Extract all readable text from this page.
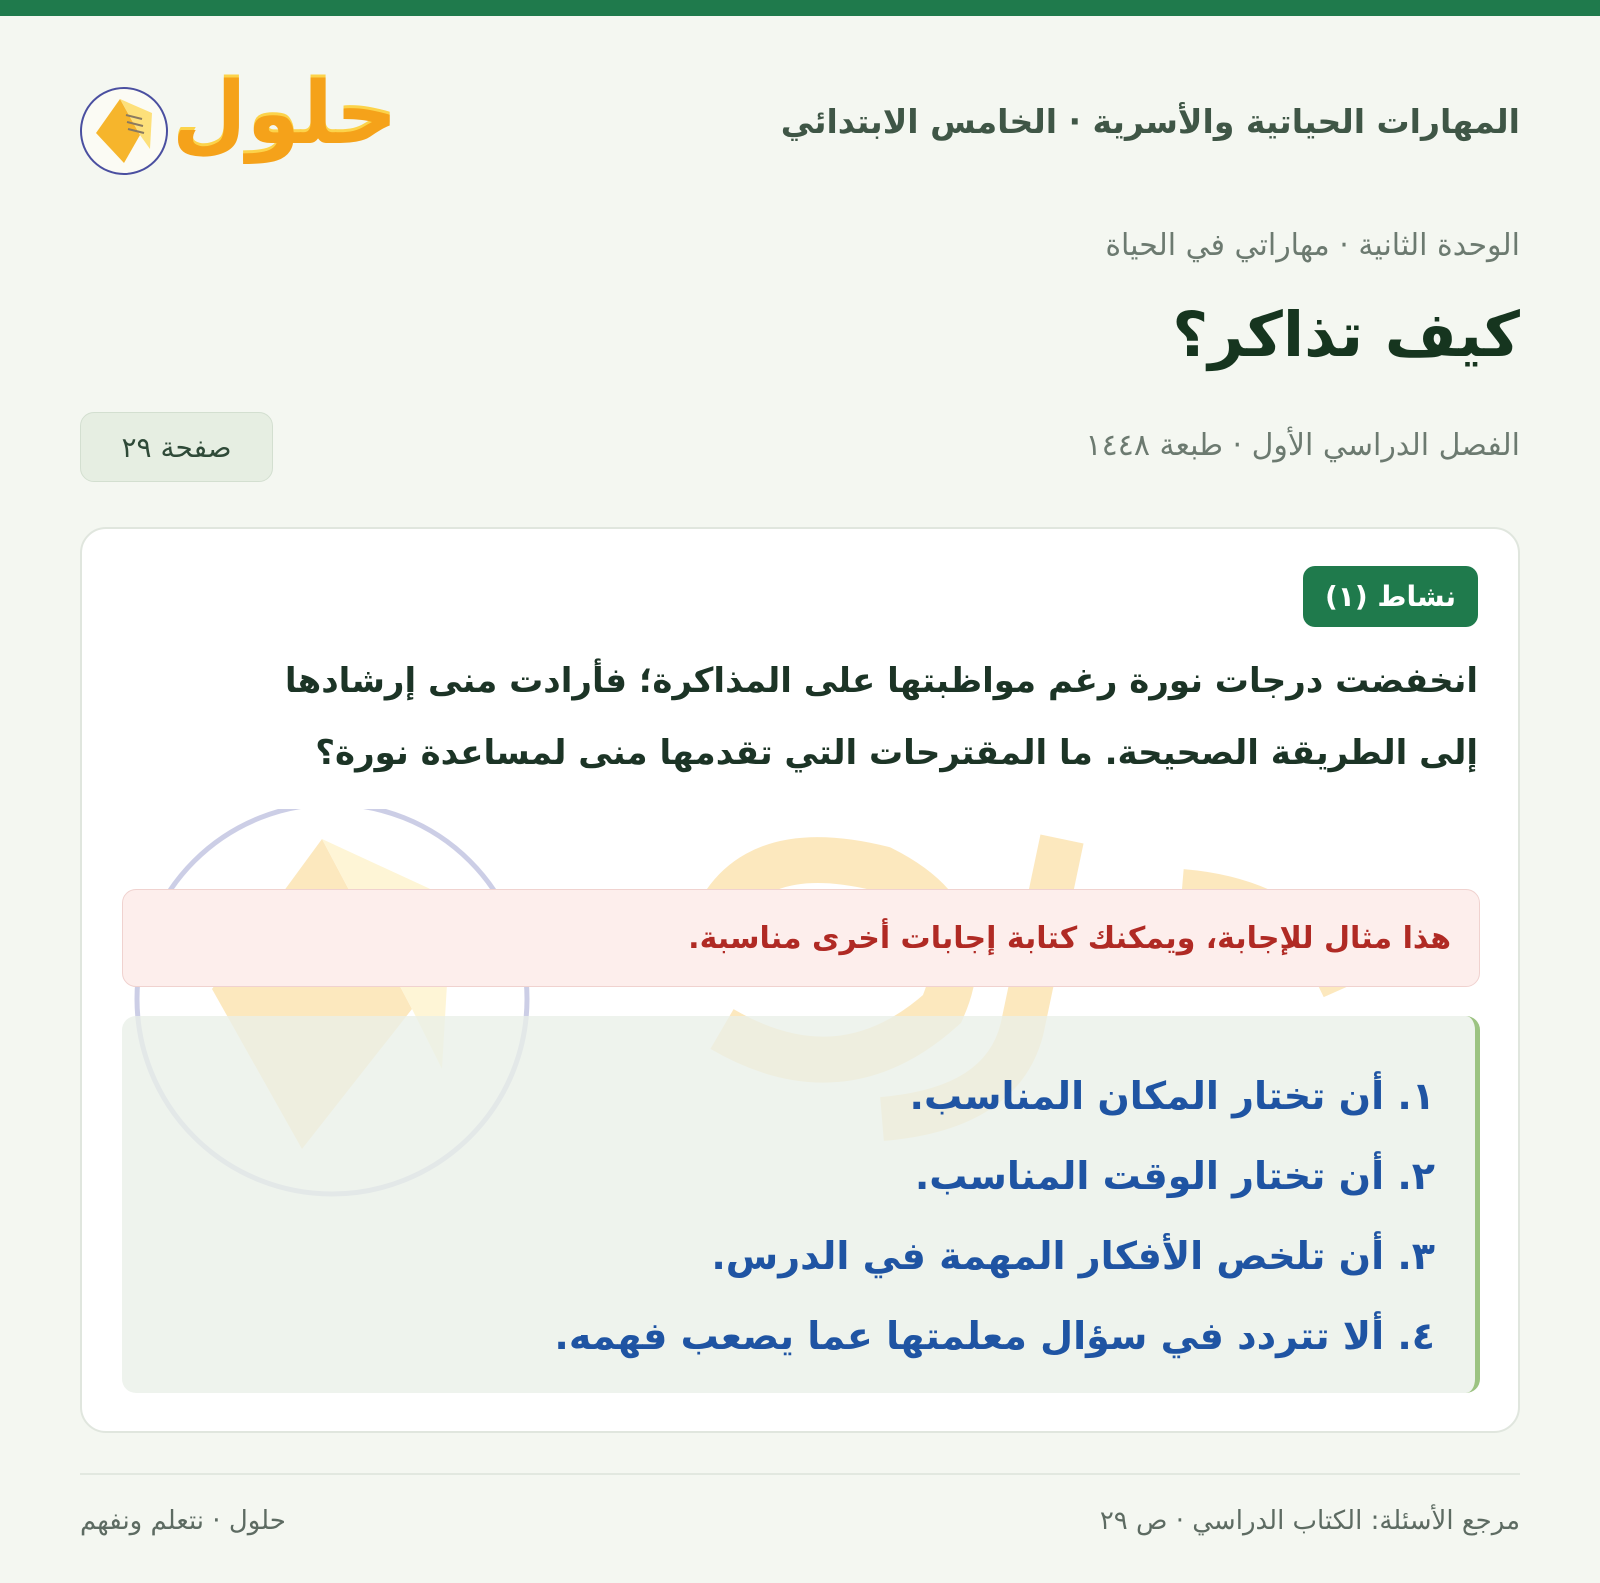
المهارات الحياتية والأسرية · الخامس الابتدائي
حلول
الوحدة الثانية · مهاراتي في الحياة
كيف تذاكر؟
الفصل الدراسي الأول · طبعة ١٤٤٨
صفحة ٢٩
نشاط (١)

انخفضت درجات نورة رغم مواظبتها على المذاكرة؛ فأرادت منى إرشادها إلى الطريقة الصحيحة. ما المقترحات التي تقدمها منى لمساعدة نورة؟

هذا مثال للإجابة، ويمكنك كتابة إجابات أخرى مناسبة.
١. أن تختار المكان المناسب.
٢. أن تختار الوقت المناسب.
٣. أن تلخص الأفكار المهمة في الدرس.
٤. ألا تتردد في سؤال معلمتها عما يصعب فهمه.
مرجع الأسئلة: الكتاب الدراسي · ص ٢٩
حلول · نتعلم ونفهم
